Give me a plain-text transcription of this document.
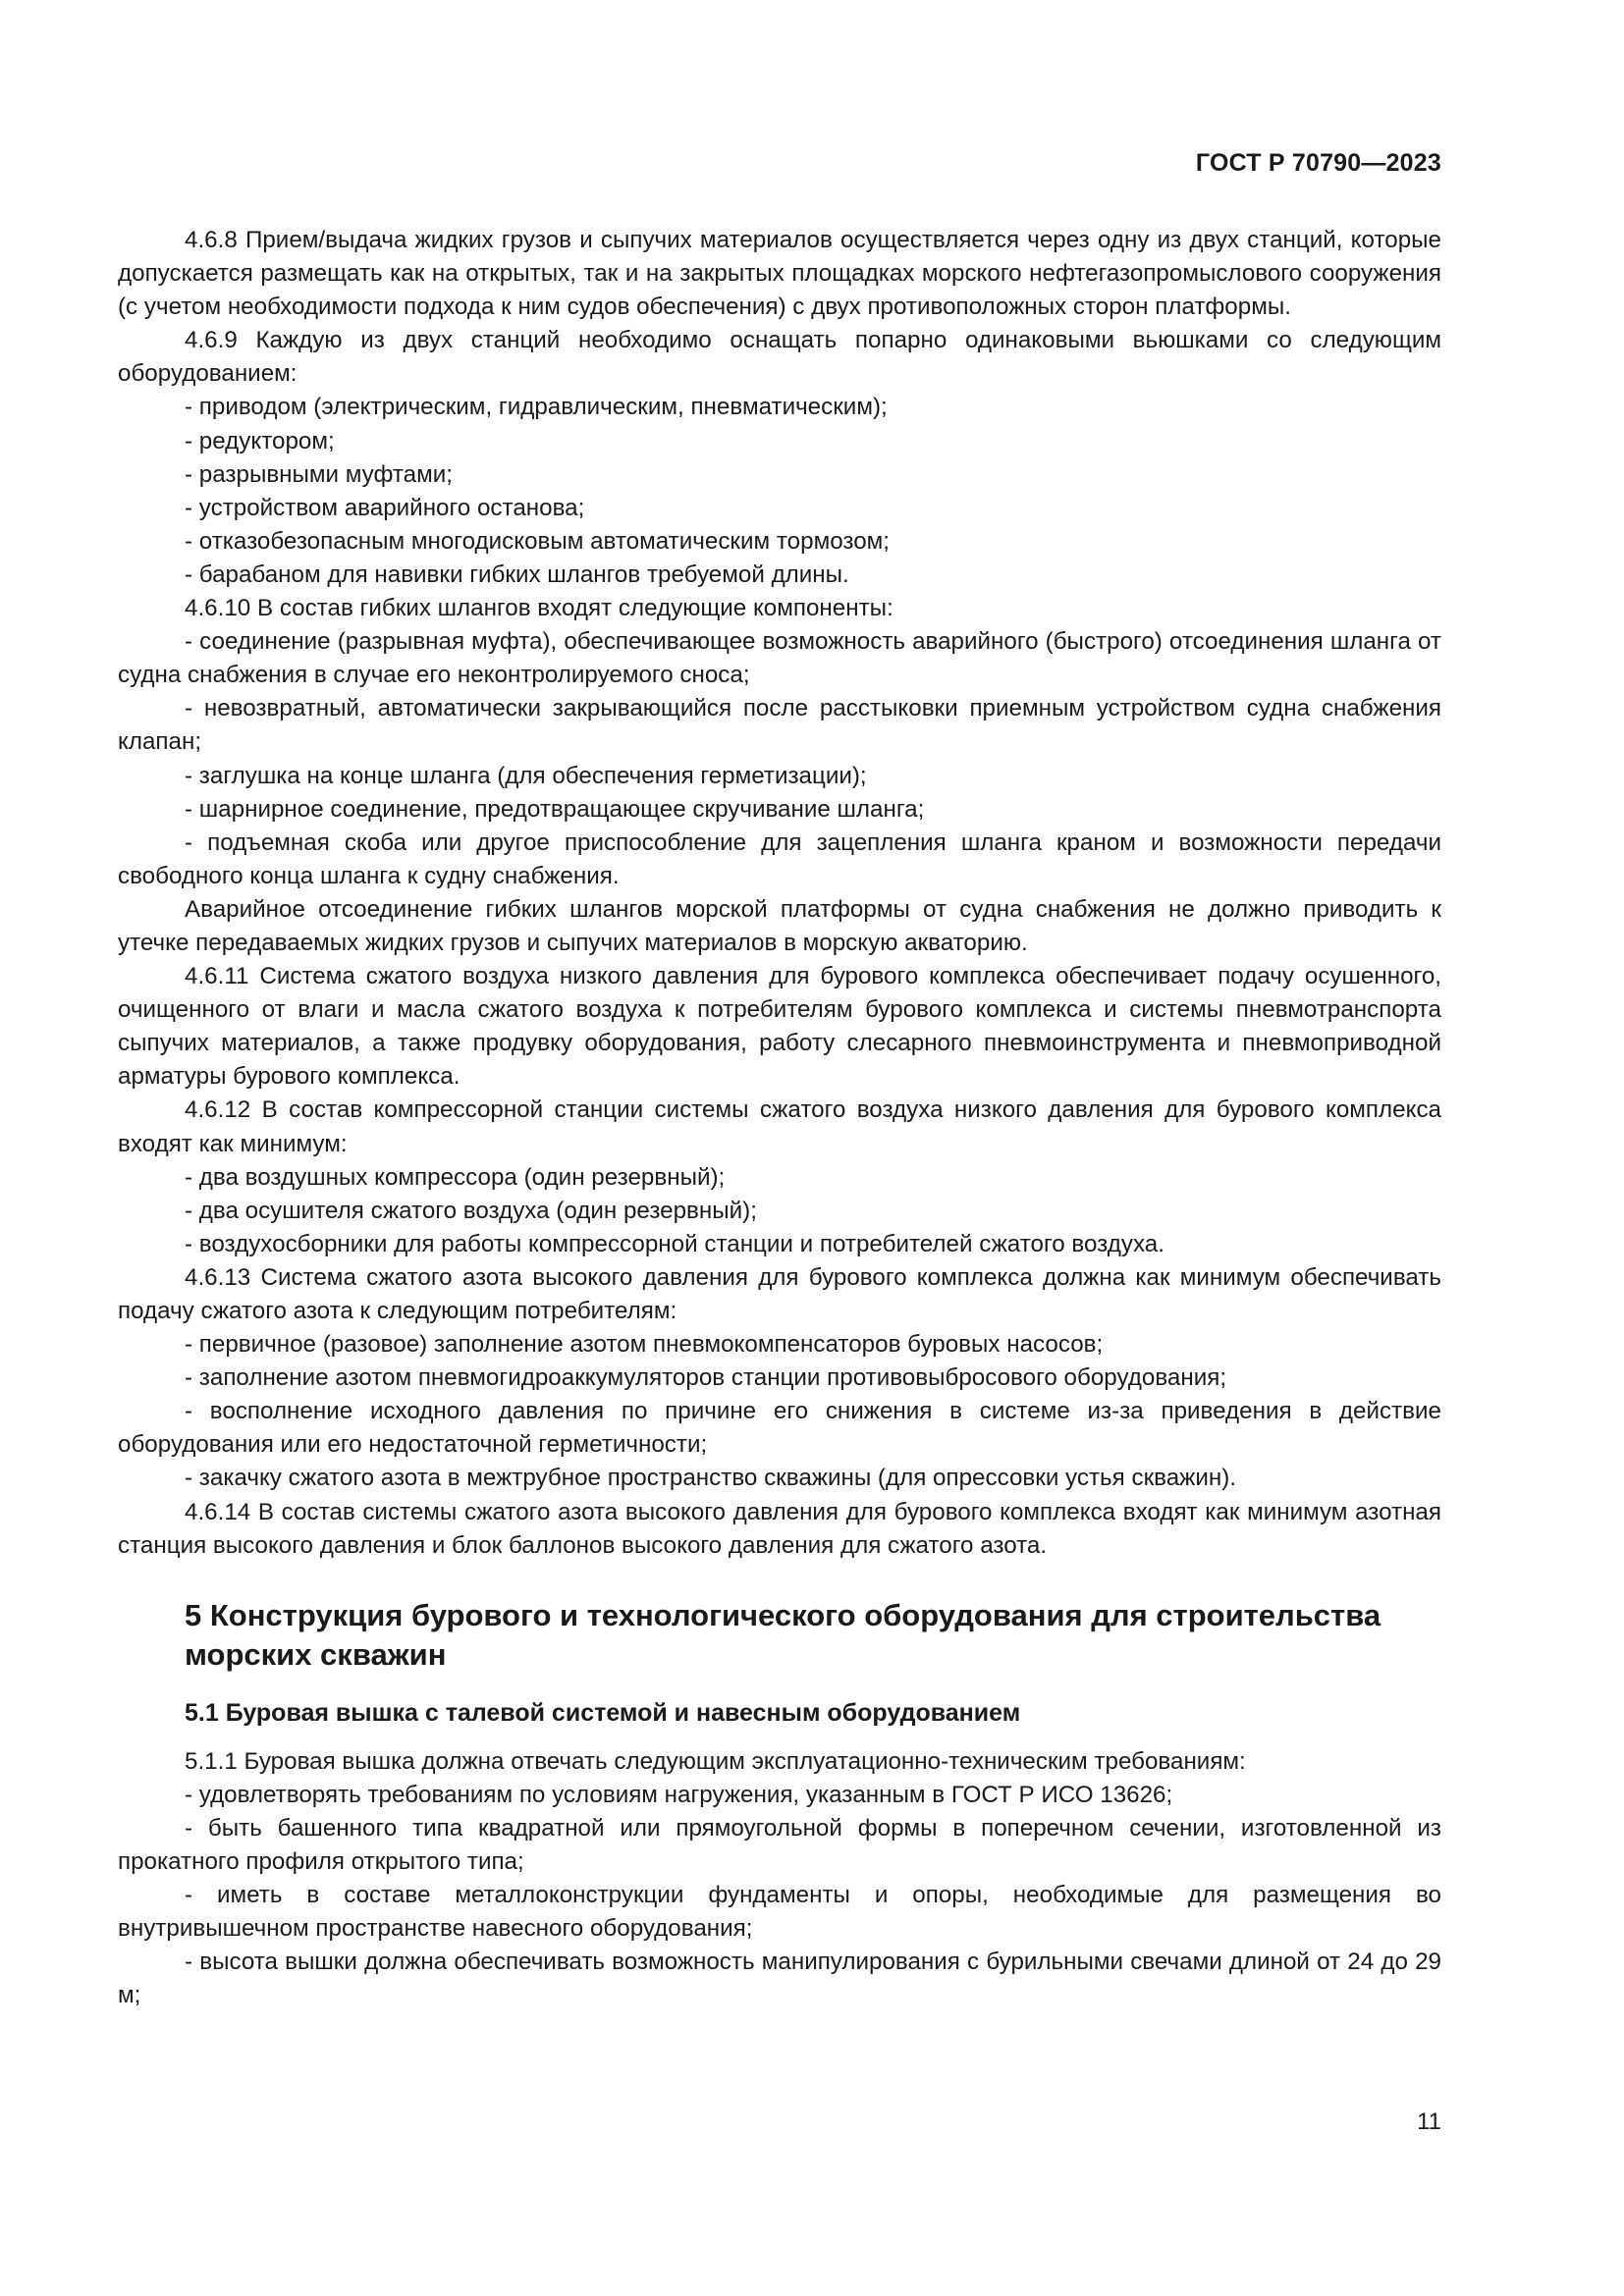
ГОСТ Р 70790—2023

4.6.8 Прием/выдача жидких грузов и сыпучих материалов осуществляется через одну из двух станций, которые допускается размещать как на открытых, так и на закрытых площадках морского нефтегазопромыслового сооружения (с учетом необходимости подхода к ним судов обеспечения) с двух противоположных сторон платформы.

4.6.9 Каждую из двух станций необходимо оснащать попарно одинаковыми вьюшками со следующим оборудованием:

- приводом (электрическим, гидравлическим, пневматическим);

- редуктором;

- разрывными муфтами;

- устройством аварийного останова;

- отказобезопасным многодисковым автоматическим тормозом;

- барабаном для навивки гибких шлангов требуемой длины.

4.6.10 В состав гибких шлангов входят следующие компоненты:

- соединение (разрывная муфта), обеспечивающее возможность аварийного (быстрого) отсоединения шланга от судна снабжения в случае его неконтролируемого сноса;

- невозвратный, автоматически закрывающийся после расстыковки приемным устройством судна снабжения клапан;

- заглушка на конце шланга (для обеспечения герметизации);

- шарнирное соединение, предотвращающее скручивание шланга;

- подъемная скоба или другое приспособление для зацепления шланга краном и возможности передачи свободного конца шланга к судну снабжения.

Аварийное отсоединение гибких шлангов морской платформы от судна снабжения не должно приводить к утечке передаваемых жидких грузов и сыпучих материалов в морскую акваторию.

4.6.11 Система сжатого воздуха низкого давления для бурового комплекса обеспечивает подачу осушенного, очищенного от влаги и масла сжатого воздуха к потребителям бурового комплекса и системы пневмотранспорта сыпучих материалов, а также продувку оборудования, работу слесарного пневмоинструмента и пневмоприводной арматуры бурового комплекса.

4.6.12 В состав компрессорной станции системы сжатого воздуха низкого давления для бурового комплекса входят как минимум:

- два воздушных компрессора (один резервный);

- два осушителя сжатого воздуха (один резервный);

- воздухосборники для работы компрессорной станции и потребителей сжатого воздуха.

4.6.13 Система сжатого азота высокого давления для бурового комплекса должна как минимум обеспечивать подачу сжатого азота к следующим потребителям:

- первичное (разовое) заполнение азотом пневмокомпенсаторов буровых насосов;

- заполнение азотом пневмогидроаккумуляторов станции противовыбросового оборудования;

- восполнение исходного давления по причине его снижения в системе из-за приведения в действие оборудования или его недостаточной герметичности;

- закачку сжатого азота в межтрубное пространство скважины (для опрессовки устья скважин).

4.6.14 В состав системы сжатого азота высокого давления для бурового комплекса входят как минимум азотная станция высокого давления и блок баллонов высокого давления для сжатого азота.

5 Конструкция бурового и технологического оборудования для строительства морских скважин
5.1 Буровая вышка с талевой системой и навесным оборудованием

5.1.1 Буровая вышка должна отвечать следующим эксплуатационно-техническим требованиям:

- удовлетворять требованиям по условиям нагружения, указанным в ГОСТ Р ИСО 13626;

- быть башенного типа квадратной или прямоугольной формы в поперечном сечении, изготовленной из прокатного профиля открытого типа;

- иметь в составе металлоконструкции фундаменты и опоры, необходимые для размещения во внутривышечном пространстве навесного оборудования;

- высота вышки должна обеспечивать возможность манипулирования с бурильными свечами длиной от 24 до 29 м;

11
